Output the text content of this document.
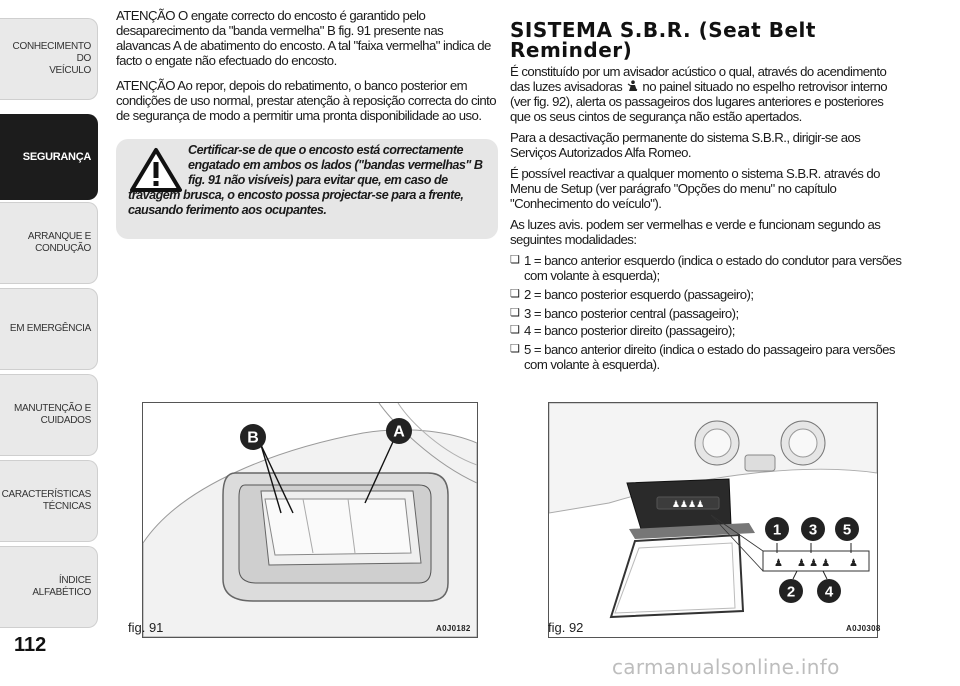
CONHECIMENTO DO
VEÍCULO
SEGURANÇA
ARRANQUE E
CONDUÇÃO
EM EMERGÊNCIA
MANUTENÇÃO E
CUIDADOS
CARACTERÍSTICAS
TÉCNICAS
ÍNDICE ALFABÉTICO
112

ATENÇÃO O engate correcto do encosto é garantido pelo desaparecimento da "banda vermelha" B fig. 91 presente nas alavancas A de abatimento do encosto. A tal "faixa vermelha" indica de facto o engate não efectuado do encosto.

ATENÇÃO Ao repor, depois do rebatimento, o banco posterior em condições de uso normal, prestar atenção à reposição correcta do cinto de segurança de modo a permitir uma pronta disponibilidade ao uso.

Certificar-se de que o encosto está correctamente
engatado em ambos os lados ("bandas vermelhas" B
fig. 91 não visíveis) para evitar que, em caso de
travagem brusca, o encosto possa projectar-se para a frente, causando ferimento aos ocupantes.

SISTEMA S.B.R. (Seat Belt
Reminder)

É constituído por um avisador acústico o qual, através do acendimento das luzes avisadoras no painel situado no espelho retrovisor interno (ver fig. 92), alerta os passageiros dos lugares anteriores e posteriores que os seus cintos de segurança não estão apertados.

Para a desactivação permanente do sistema S.B.R., dirigir-se aos Serviços Autorizados Alfa Romeo.

É possível reactivar a qualquer momento o sistema S.B.R. através do Menu de Setup (ver parágrafo "Opções do menu" no capítulo "Conhecimento do veículo").

As luzes avis. podem ser vermelhas e verde e funcionam segundo as seguintes modalidades:

❏ 1 = banco anterior esquerdo (indica o estado do condutor para versões com volante à esquerda);
❏ 2 = banco posterior esquerdo (passageiro);
❏ 3 = banco posterior central (passageiro);
❏ 4 = banco posterior direito (passageiro);
❏ 5 = banco anterior direito (indica o estado do passageiro para versões com volante à esquerda).
B	A
fig. 91	A0J0182
♟♟♟♟
♟ ♟ ♟ ♟ ♟
1 3 5
2 4
fig. 92	A0J0308
carmanualsonline.info
